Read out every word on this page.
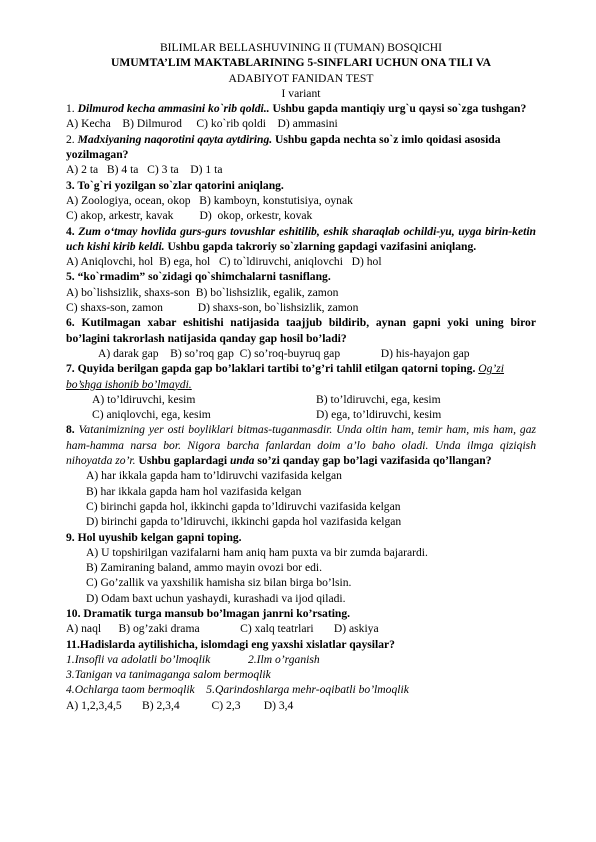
BILIMLAR BELLASHUVINING II (TUMAN) BOSQICHI
UMUMTA’LIM MAKTABLARINING 5-SINFLARI UCHUN ONA TILI VA
ADABIYOT FANIDAN TEST
I variant
1. Dilmurod kecha ammasini ko`rib qoldi.. Ushbu gapda mantiqiy urg`u qaysi so`zga tushgan?
A) Kecha    B) Dilmurod     C) ko`rib qoldi    D) ammasini
2. Madxiyaning naqorotini qayta aytdiring. Ushbu gapda nechta so`z imlo qoidasi asosida yozilmagan?
A) 2 ta   B) 4 ta   C) 3 ta    D) 1 ta
3. To`g`ri yozilgan so`zlar qatorini aniqlang.
A) Zoologiya, ocean, okop   B) kamboyn, konstutisiya, oynak
C) akop, arkestr, kavak         D)  okop, orkestr, kovak
4. Zum o‘tmay hovlida gurs-gurs tovushlar eshitilib, eshik sharaqlab ochildi-yu, uyga birin-ketin uch kishi kirib keldi. Ushbu gapda takroriy so`zlarning gapdagi vazifasini aniqlang.
A) Aniqlovchi, hol  B) ega, hol   C) to`ldiruvchi, aniqlovchi   D) hol
5. “ko`rmadim” so`zidagi qo`shimchalarni tasniflang.
A) bo`lishsizlik, shaxs-son  B) bo`lishsizlik, egalik, zamon
C) shaxs-son, zamon            D) shaxs-son, bo`lishsizlik, zamon
6. Kutilmagan xabar eshitishi natijasida taajjub bildirib, aynan gapni yoki uning biror bo’lagini takrorlash natijasida qanday gap hosil bo’ladi?
A) darak gap    B) so’roq gap  C) so’roq-buyruq gap              D) his-hayajon gap
7. Quyida berilgan gapda gap bo’laklari tartibi to’g’ri tahlil etilgan qatorni toping. Og’zi bo’shga ishonib bo’lmaydi.
A) to’ldiruvchi, kesim	B) to’ldiruvchi, ega, kesim
C) aniqlovchi, ega, kesim	D) ega, to’ldiruvchi, kesim
8. Vatanimizning yer osti boyliklari bitmas-tuganmasdir. Unda oltin ham, temir ham, mis ham, gaz ham-hamma narsa bor. Nigora barcha fanlardan doim a’lo baho oladi. Unda ilmga qiziqish nihoyatda zo’r. Ushbu gaplardagi unda so’zi qanday gap bo’lagi vazifasida qo’llangan?
A) har ikkala gapda ham to’ldiruvchi vazifasida kelgan
B) har ikkala gapda ham hol vazifasida kelgan
C) birinchi gapda hol, ikkinchi gapda to’ldiruvchi vazifasida kelgan
D) birinchi gapda to’ldiruvchi, ikkinchi gapda hol vazifasida kelgan
9. Hol uyushib kelgan gapni toping.
A) U topshirilgan vazifalarni ham aniq ham puxta va bir zumda bajarardi.
B) Zamiraning baland, ammo mayin ovozi bor edi.
C) Go’zallik va yaxshilik hamisha siz bilan birga bo’lsin.
D) Odam baxt uchun yashaydi, kurashadi va ijod qiladi.
10. Dramatik turga mansub bo’lmagan janrni ko’rsating.
A) naql      B) og’zaki drama              C) xalq teatrlari       D) askiya
11.Hadislarda aytilishicha, islomdagi eng yaxshi xislatlar qaysilar?
1.Insofli va adolatli bo’lmoqlik             2.Ilm o’rganish
3.Tanigan va tanimaganga salom bermoqlik
4.Ochlarga taom bermoqlik    5.Qarindoshlarga mehr-oqibatli bo’lmoqlik
A) 1,2,3,4,5       B) 2,3,4           C) 2,3        D) 3,4
